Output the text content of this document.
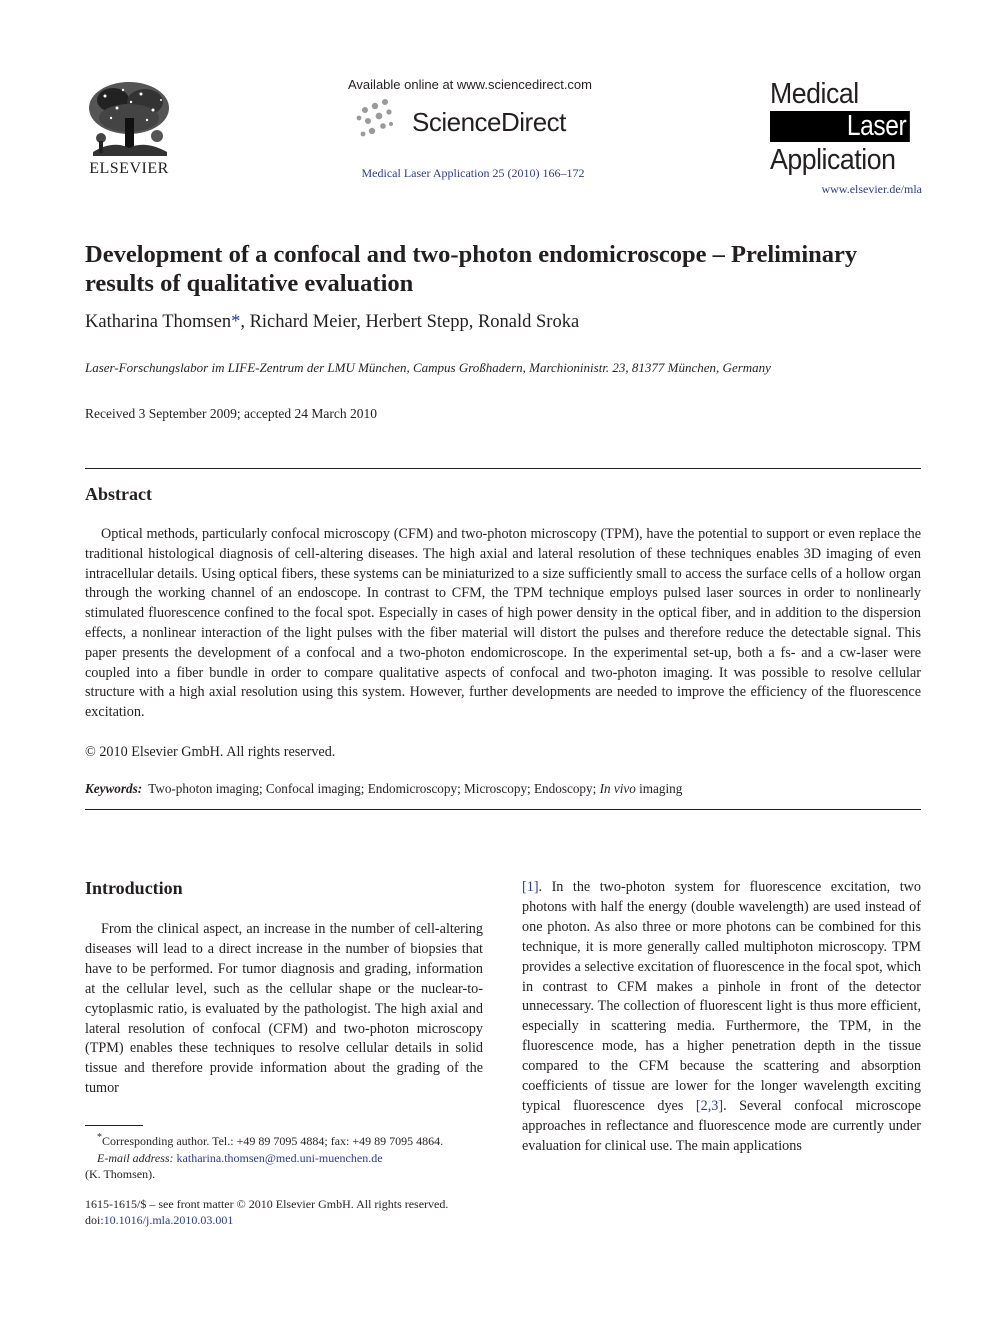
ELSEVIER
Available online at www.sciencedirect.com
ScienceDirect
Medical Laser Application 25 (2010) 166–172
Medical
Laser
Application
www.elsevier.de/mla
Development of a confocal and two-photon endomicroscope – Preliminary results of qualitative evaluation
Katharina Thomsen*, Richard Meier, Herbert Stepp, Ronald Sroka
Laser-Forschungslabor im LIFE-Zentrum der LMU München, Campus Großhadern, Marchioninistr. 23, 81377 München, Germany
Received 3 September 2009; accepted 24 March 2010
Abstract

Optical methods, particularly confocal microscopy (CFM) and two-photon microscopy (TPM), have the potential to support or even replace the traditional histological diagnosis of cell-altering diseases. The high axial and lateral resolution of these techniques enables 3D imaging of even intracellular details. Using optical fibers, these systems can be miniaturized to a size sufficiently small to access the surface cells of a hollow organ through the working channel of an endoscope. In contrast to CFM, the TPM technique employs pulsed laser sources in order to nonlinearly stimulated fluorescence confined to the focal spot. Especially in cases of high power density in the optical fiber, and in addition to the dispersion effects, a nonlinear interaction of the light pulses with the fiber material will distort the pulses and therefore reduce the detectable signal. This paper presents the development of a confocal and a two-photon endomicroscope. In the experimental set-up, both a fs- and a cw-laser were coupled into a fiber bundle in order to compare qualitative aspects of confocal and two-photon imaging. It was possible to resolve cellular structure with a high axial resolution using this system. However, further developments are needed to improve the efficiency of the fluorescence excitation.

© 2010 Elsevier GmbH. All rights reserved.
Keywords: Two-photon imaging; Confocal imaging; Endomicroscopy; Microscopy; Endoscopy; In vivo imaging
Introduction

From the clinical aspect, an increase in the number of cell-altering diseases will lead to a direct increase in the number of biopsies that have to be performed. For tumor diagnosis and grading, information at the cellular level, such as the cellular shape or the nuclear-to-cytoplasmic ratio, is evaluated by the pathologist. The high axial and lateral resolution of confocal (CFM) and two-photon microscopy (TPM) enables these techniques to resolve cellular details in solid tissue and therefore provide information about the grading of the tumor

[1]. In the two-photon system for fluorescence excitation, two photons with half the energy (double wavelength) are used instead of one photon. As also three or more photons can be combined for this technique, it is more generally called multiphoton microscopy. TPM provides a selective excitation of fluorescence in the focal spot, which in contrast to CFM makes a pinhole in front of the detector unnecessary. The collection of fluorescent light is thus more efficient, especially in scattering media. Furthermore, the TPM, in the fluorescence mode, has a higher penetration depth in the tissue compared to the CFM because the scattering and absorption coefficients of tissue are lower for the longer wavelength exciting typical fluorescence dyes [2,3]. Several confocal microscope approaches in reflectance and fluorescence mode are currently under evaluation for clinical use. The main applications

*Corresponding author. Tel.: +49 89 7095 4884; fax: +49 89 7095 4864.
E-mail address: katharina.thomsen@med.uni-muenchen.de
(K. Thomsen).
1615-1615/$ – see front matter © 2010 Elsevier GmbH. All rights reserved.
doi:10.1016/j.mla.2010.03.001
